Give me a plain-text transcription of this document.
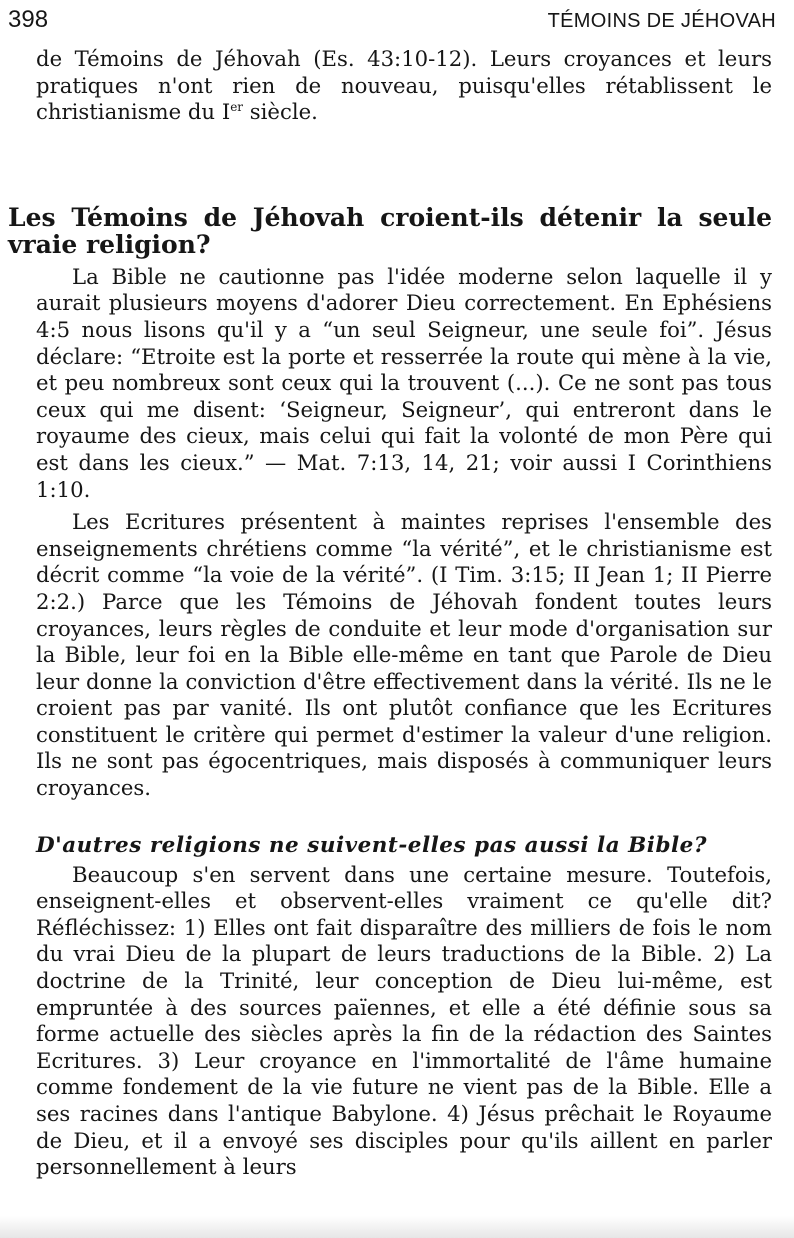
398	TÉMOINS DE JÉHOVAH

de Témoins de Jéhovah (Es. 43:10-12). Leurs croyances et leurs pratiques n'ont rien de nouveau, puisqu'elles rétablissent le christianisme du Ier siècle.

Les Témoins de Jéhovah croient-ils détenir la seule vraie religion?

La Bible ne cautionne pas l'idée moderne selon laquelle il y aurait plusieurs moyens d'adorer Dieu correctement. En Ephésiens 4:5 nous lisons qu'il y a “un seul Seigneur, une seule foi”. Jésus déclare: “Etroite est la porte et resserrée la route qui mène à la vie, et peu nombreux sont ceux qui la trouvent (...). Ce ne sont pas tous ceux qui me disent: ‘Seigneur, Seigneur’, qui entreront dans le royaume des cieux, mais celui qui fait la volonté de mon Père qui est dans les cieux.” — Mat. 7:13, 14, 21; voir aussi I Corinthiens 1:10.

Les Ecritures présentent à maintes reprises l'ensemble des enseignements chrétiens comme “la vérité”, et le christianisme est décrit comme “la voie de la vérité”. (I Tim. 3:15; II Jean 1; II Pierre 2:2.) Parce que les Témoins de Jéhovah fondent toutes leurs croyances, leurs règles de conduite et leur mode d'organisation sur la Bible, leur foi en la Bible elle-même en tant que Parole de Dieu leur donne la conviction d'être effectivement dans la vérité. Ils ne le croient pas par vanité. Ils ont plutôt confiance que les Ecritures constituent le critère qui permet d'estimer la valeur d'une religion. Ils ne sont pas égocentriques, mais disposés à communiquer leurs croyances.

D'autres religions ne suivent-elles pas aussi la Bible?

Beaucoup s'en servent dans une certaine mesure. Toutefois, enseignent-elles et observent-elles vraiment ce qu'elle dit? Réfléchissez: 1) Elles ont fait disparaître des milliers de fois le nom du vrai Dieu de la plupart de leurs traductions de la Bible. 2) La doctrine de la Trinité, leur conception de Dieu lui-même, est empruntée à des sources païennes, et elle a été définie sous sa forme actuelle des siècles après la fin de la rédaction des Saintes Ecritures. 3) Leur croyance en l'immortalité de l'âme humaine comme fondement de la vie future ne vient pas de la Bible. Elle a ses racines dans l'antique Babylone. 4) Jésus prêchait le Royaume de Dieu, et il a envoyé ses disciples pour qu'ils aillent en parler personnellement à leurs
